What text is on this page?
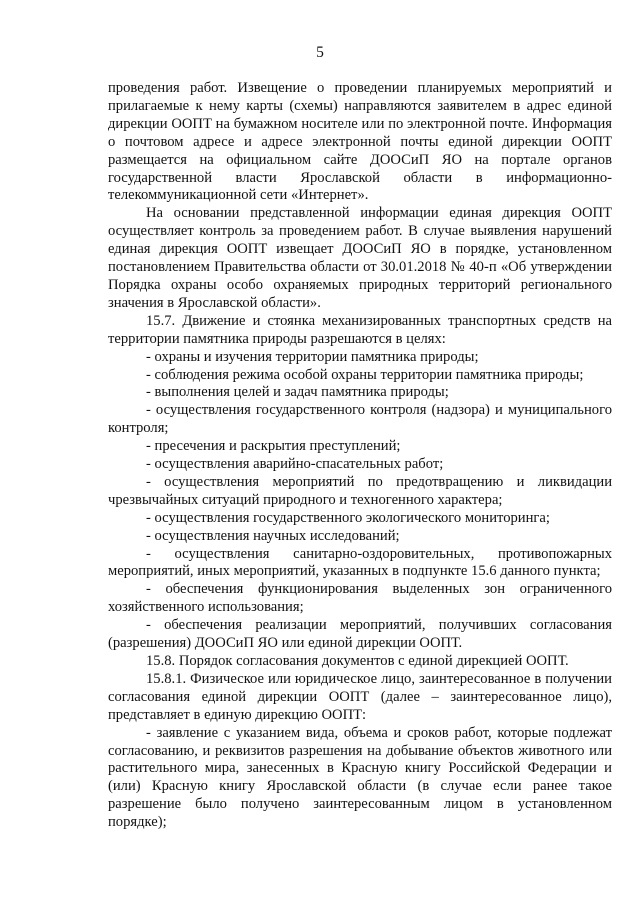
5

проведения работ. Извещение о проведении планируемых мероприятий и прилагаемые к нему карты (схемы) направляются заявителем в адрес единой дирекции ООПТ на бумажном носителе или по электронной почте. Информация о почтовом адресе и адресе электронной почты единой дирекции ООПТ размещается на официальном сайте ДООСиП ЯО на портале органов государственной власти Ярославской области в информационно-телекоммуникационной сети «Интернет».

На основании представленной информации единая дирекция ООПТ осуществляет контроль за проведением работ. В случае выявления нарушений единая дирекция ООПТ извещает ДООСиП ЯО в порядке, установленном постановлением Правительства области от 30.01.2018 № 40-п «Об утверждении Порядка охраны особо охраняемых природных территорий регионального значения в Ярославской области».

15.7. Движение и стоянка механизированных транспортных средств на территории памятника природы разрешаются в целях:

- охраны и изучения территории памятника природы;

- соблюдения режима особой охраны территории памятника природы;

- выполнения целей и задач памятника природы;

- осуществления государственного контроля (надзора) и муниципального контроля;

- пресечения и раскрытия преступлений;

- осуществления аварийно-спасательных работ;

- осуществления мероприятий по предотвращению и ликвидации чрезвычайных ситуаций природного и техногенного характера;

- осуществления государственного экологического мониторинга;

- осуществления научных исследований;

- осуществления санитарно-оздоровительных, противопожарных мероприятий, иных мероприятий, указанных в подпункте 15.6 данного пункта;

- обеспечения функционирования выделенных зон ограниченного хозяйственного использования;

- обеспечения реализации мероприятий, получивших согласования (разрешения) ДООСиП ЯО или единой дирекции ООПТ.

15.8. Порядок согласования документов с единой дирекцией ООПТ.

15.8.1. Физическое или юридическое лицо, заинтересованное в получении согласования единой дирекции ООПТ (далее – заинтересованное лицо), представляет в единую дирекцию ООПТ:

- заявление с указанием вида, объема и сроков работ, которые подлежат согласованию, и реквизитов разрешения на добывание объектов животного или растительного мира, занесенных в Красную книгу Российской Федерации и (или) Красную книгу Ярославской области (в случае если ранее такое разрешение было получено заинтересованным лицом в установленном порядке);
